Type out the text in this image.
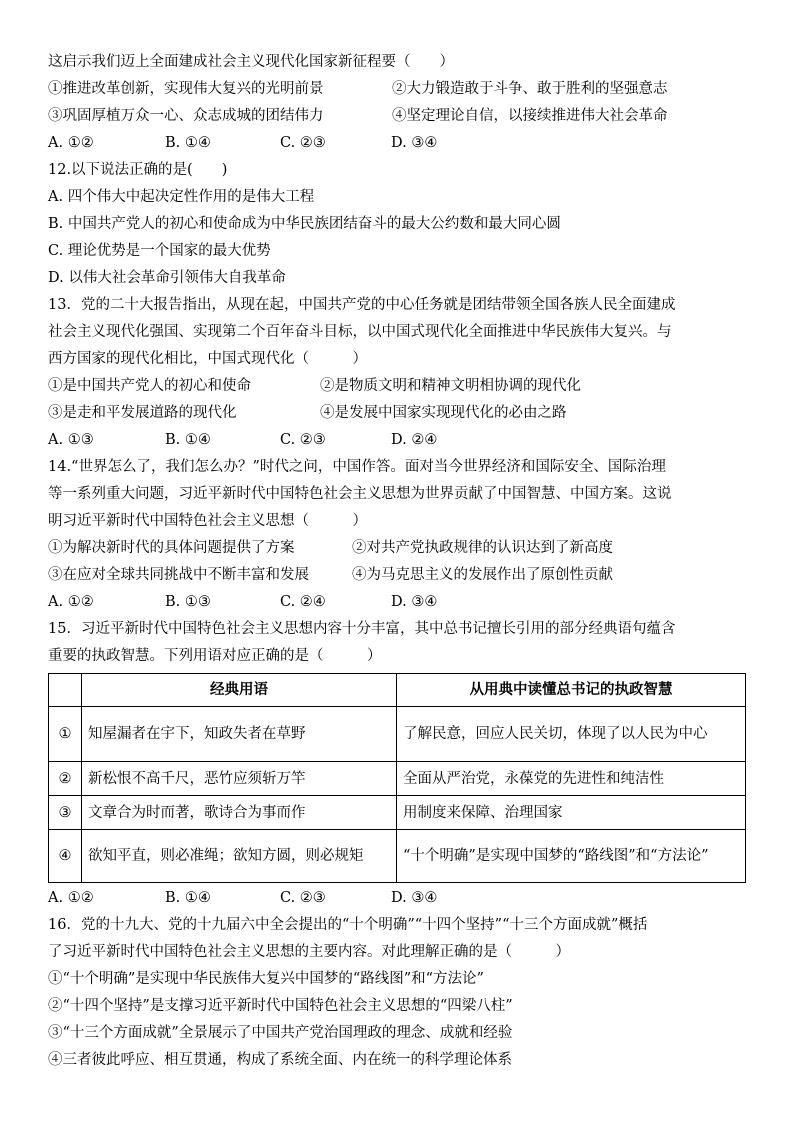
这启示我们迈上全面建成社会主义现代化国家新征程要（　　）
①推进改革创新，实现伟大复兴的光明前景	②大力锻造敢于斗争、敢于胜利的坚强意志
③巩固厚植万众一心、众志成城的团结伟力	④坚定理论自信，以接续推进伟大社会革命
A. ①②	B. ①④	C. ②③	D. ③④
12.以下说法正确的是(　　)
A. 四个伟大中起决定性作用的是伟大工程
B. 中国共产党人的初心和使命成为中华民族团结奋斗的最大公约数和最大同心圆
C. 理论优势是一个国家的最大优势
D. 以伟大社会革命引领伟大自我革命
13．党的二十大报告指出，从现在起，中国共产党的中心任务就是团结带领全国各族人民全面建成
社会主义现代化强国、实现第二个百年奋斗目标，以中国式现代化全面推进中华民族伟大复兴。与
西方国家的现代化相比，中国式现代化（　　　）
①是中国共产党人的初心和使命	②是物质文明和精神文明相协调的现代化
③是走和平发展道路的现代化	④是发展中国家实现现代化的必由之路
A. ①③	B. ①④	C. ②③	D. ②④
14.“世界怎么了，我们怎么办？”时代之问，中国作答。面对当今世界经济和国际安全、国际治理
等一系列重大问题，习近平新时代中国特色社会主义思想为世界贡献了中国智慧、中国方案。这说
明习近平新时代中国特色社会主义思想（　　　）
①为解决新时代的具体问题提供了方案	②对共产党执政规律的认识达到了新高度
③在应对全球共同挑战中不断丰富和发展	④为马克思主义的发展作出了原创性贡献
A. ①②	B. ①③	C. ②④	D. ③④
15．习近平新时代中国特色社会主义思想内容十分丰富，其中总书记擅长引用的部分经典语句蕴含
重要的执政智慧。下列用语对应正确的是（　　　）
	经典用语	从用典中读懂总书记的执政智慧
①	知屋漏者在宇下，知政失者在草野	了解民意，回应人民关切，体现了以人民为中心
②	新松恨不高千尺，恶竹应须斩万竿	全面从严治党，永葆党的先进性和纯洁性
③	文章合为时而著，歌诗合为事而作	用制度来保障、治理国家
④	欲知平直，则必准绳；欲知方圆，则必规矩	“十个明确”是实现中国梦的“路线图”和“方法论”
A. ①②	B. ①④	C. ②③	D. ③④
16．党的十九大、党的十九届六中全会提出的“十个明确”“十四个坚持”“十三个方面成就”概括
了习近平新时代中国特色社会主义思想的主要内容。对此理解正确的是（　　　）
①“十个明确”是实现中华民族伟大复兴中国梦的“路线图”和“方法论”
②“十四个坚持”是支撑习近平新时代中国特色社会主义思想的“四梁八柱”
③“十三个方面成就”全景展示了中国共产党治国理政的理念、成就和经验
④三者彼此呼应、相互贯通，构成了系统全面、内在统一的科学理论体系
